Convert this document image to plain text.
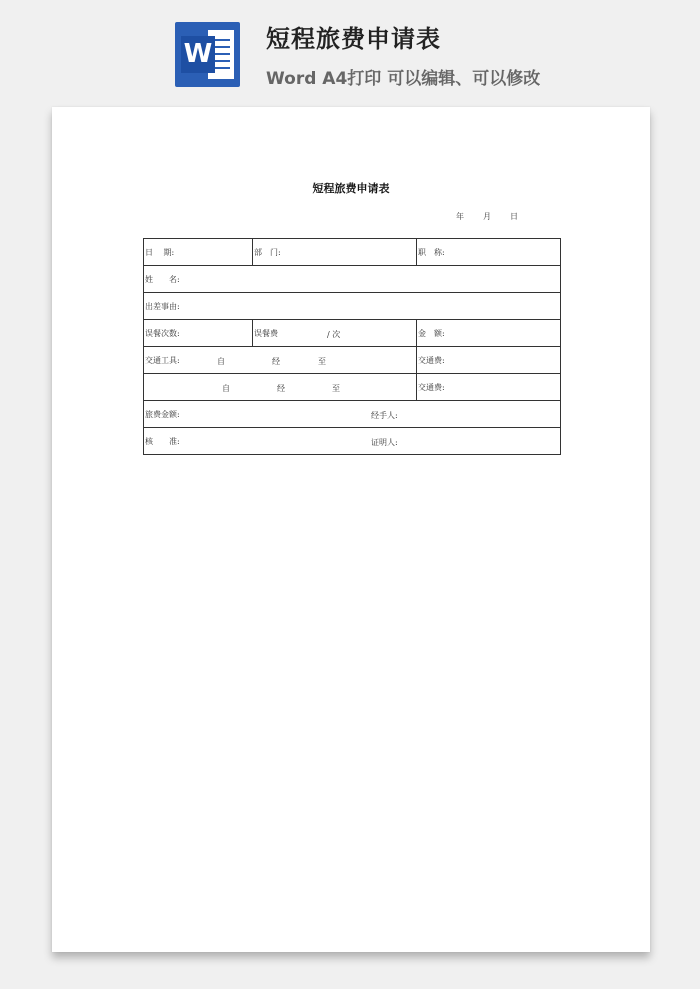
W 短程旅费申请表
Word A4打印 可以编辑、可以修改
短程旅费申请表
年 月 日
日　 期:	部　门:	职　称:
姓　　名:		
出差事由:		
误餐次数:	误餐费 / 次	金　额:
交通工具: 自 经 至		交通费:

自 经 至		交通费:
旅费金额: 经手人:		

核　　准: 证明人:		
